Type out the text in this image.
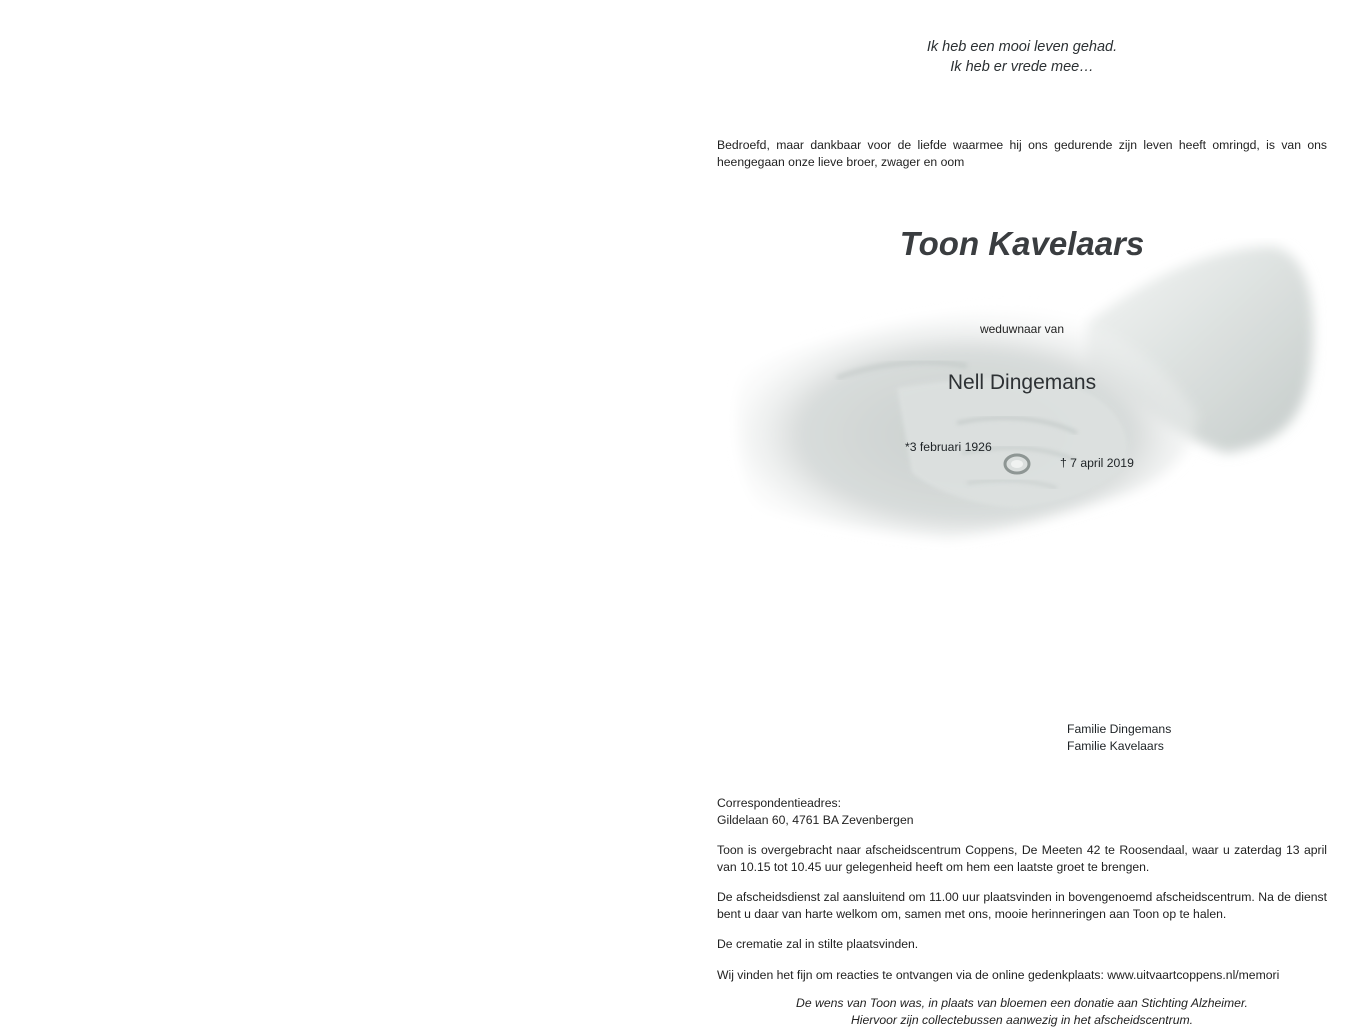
Ik heb een mooi leven gehad.
Ik heb er vrede mee…
Bedroefd, maar dankbaar voor de liefde waarmee hij ons gedurende zijn leven heeft omringd, is van ons heengegaan onze lieve broer, zwager en oom
Toon Kavelaars
weduwnaar van
Nell Dingemans
*3 februari 1926
† 7 april 2019
Familie Dingemans
Familie Kavelaars
Correspondentieadres:
Gildelaan 60, 4761 BA Zevenbergen

Toon is overgebracht naar afscheidscentrum Coppens, De Meeten 42 te Roosendaal, waar u zaterdag 13 april van 10.15 tot 10.45 uur gelegenheid heeft om hem een laatste groet te brengen.

De afscheidsdienst zal aansluitend om 11.00 uur plaatsvinden in bovengenoemd afscheidscentrum. Na de dienst bent u daar van harte welkom om, samen met ons, mooie herinneringen aan Toon op te halen.

De crematie zal in stilte plaatsvinden.

Wij vinden het fijn om reacties te ontvangen via de online gedenkplaats: www.uitvaartcoppens.nl/memori

De wens van Toon was, in plaats van bloemen een donatie aan Stichting Alzheimer.
Hiervoor zijn collectebussen aanwezig in het afscheidscentrum.
